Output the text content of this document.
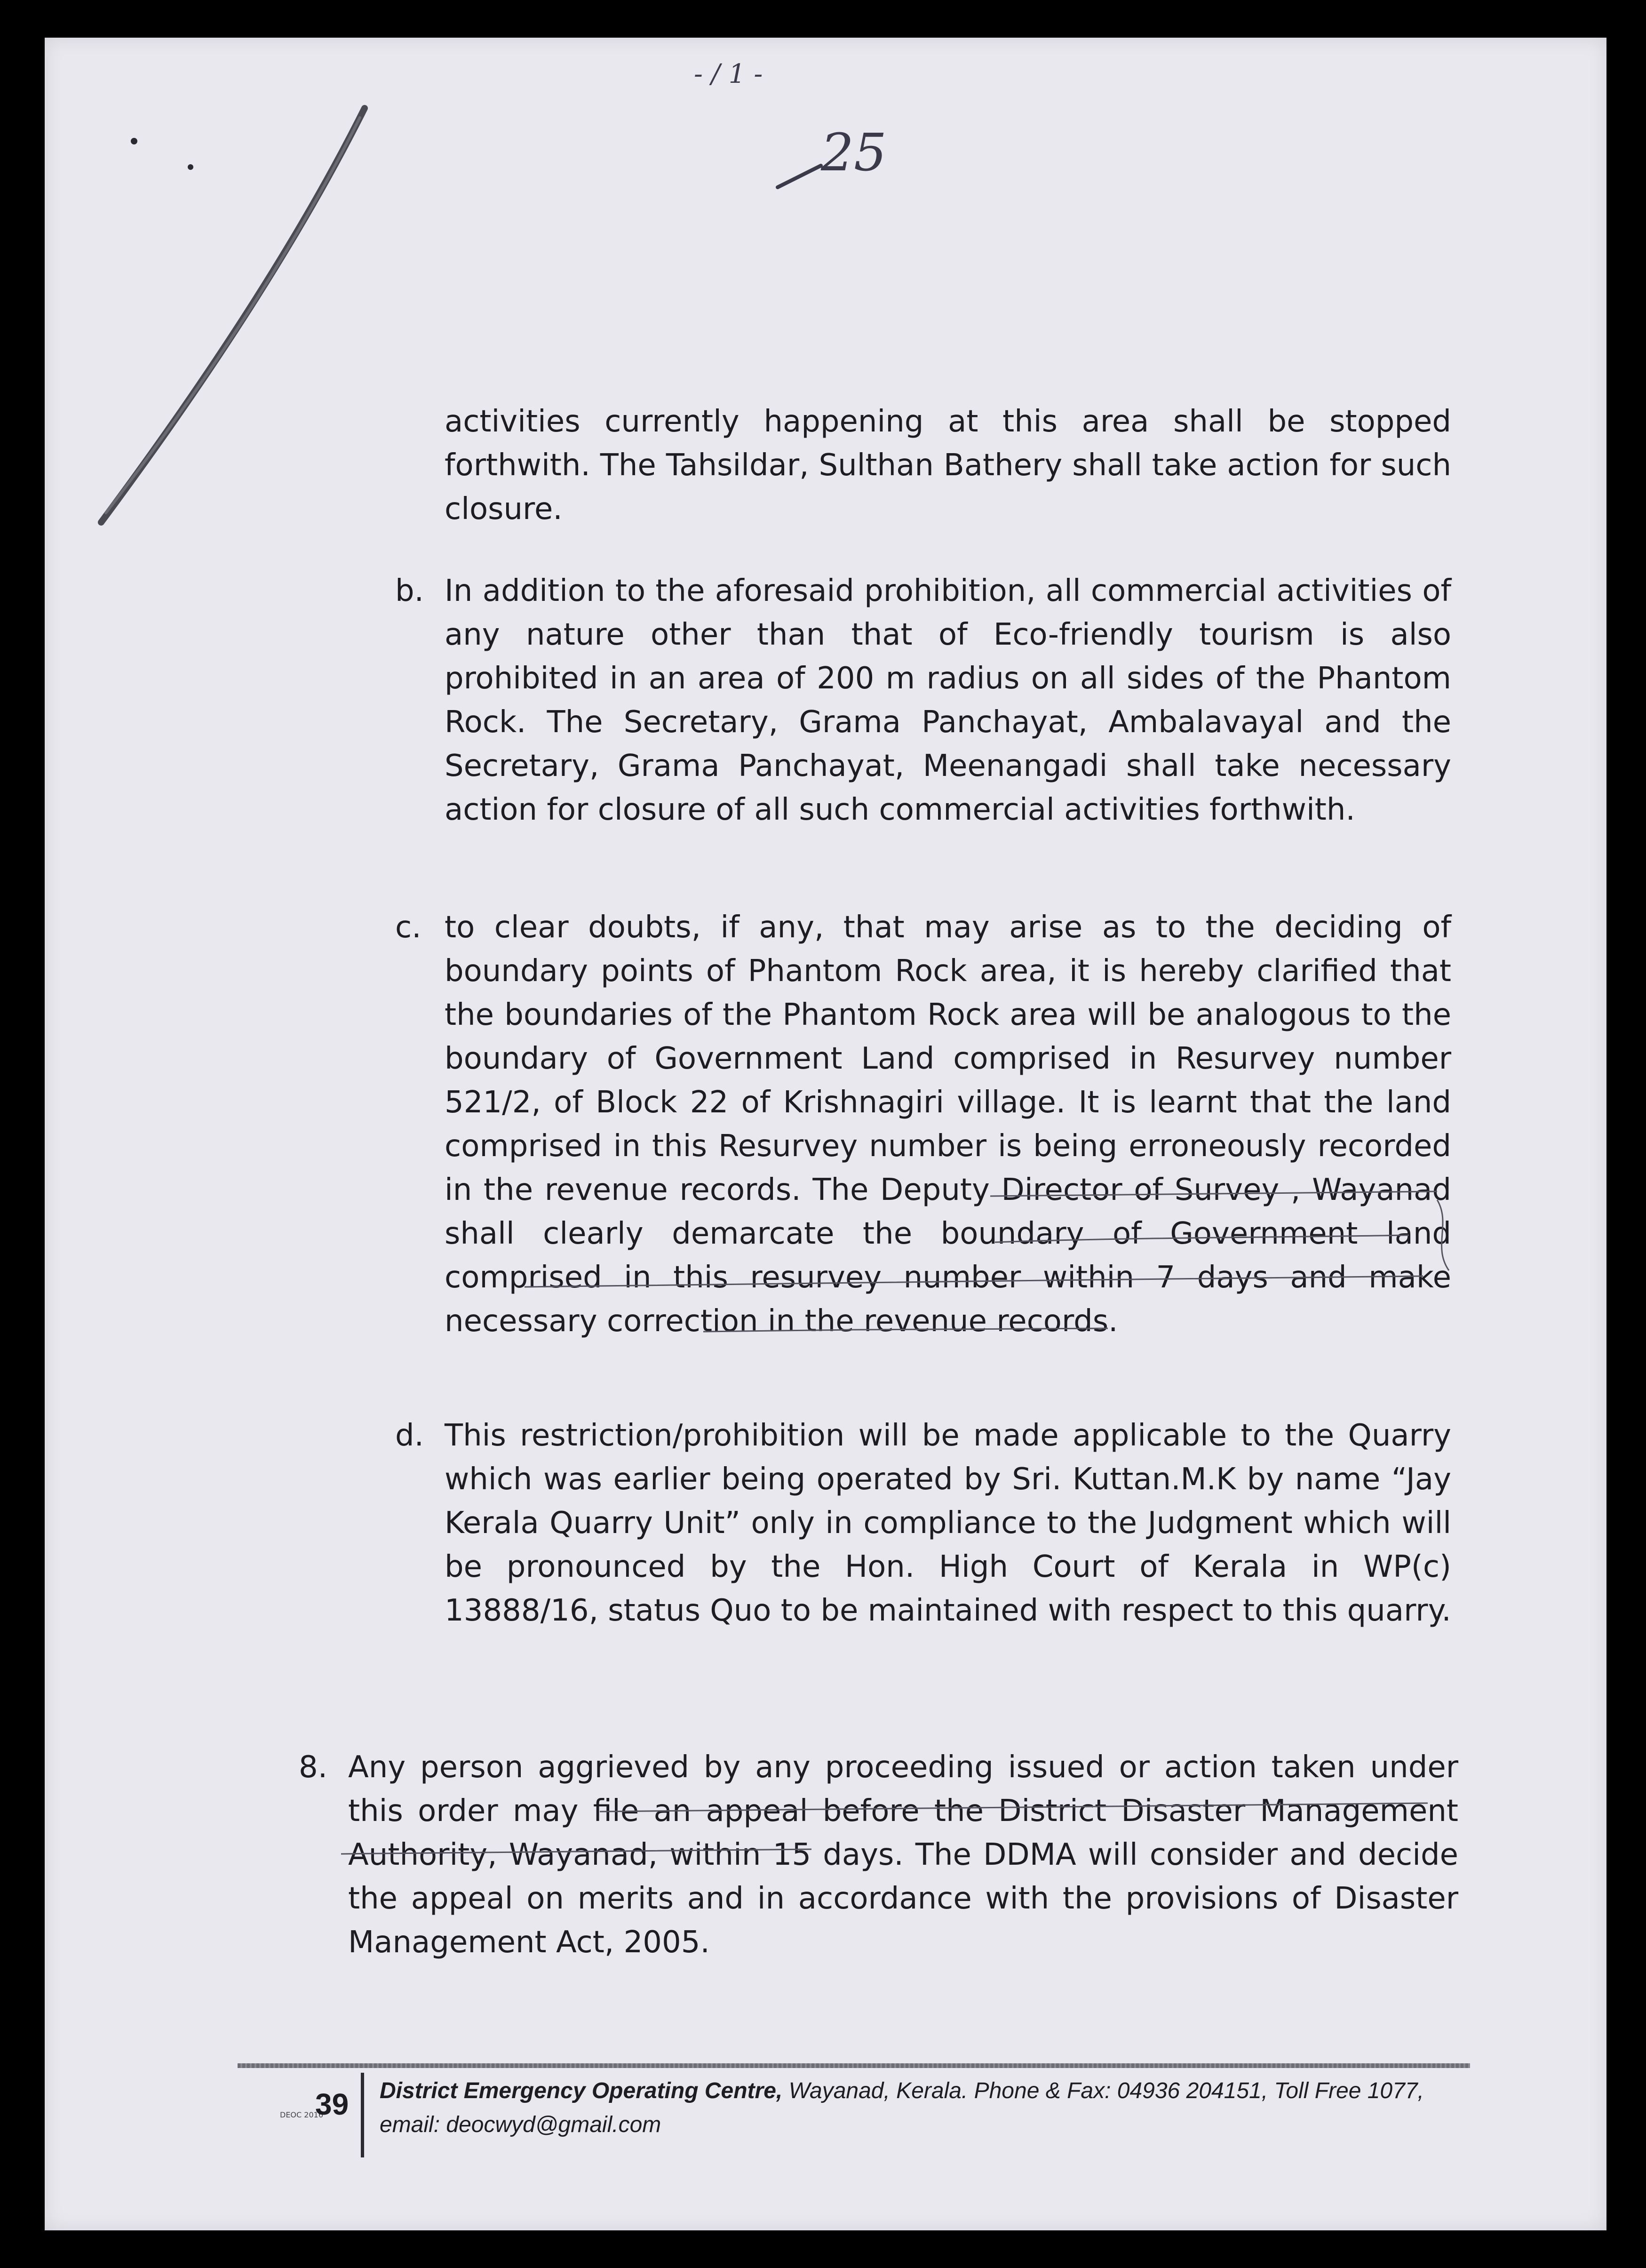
-/1-
25
activities currently happening at this area shall be stopped forthwith. The Tahsildar, Sulthan Bathery shall take action for such closure.
b. In addition to the aforesaid prohibition, all commercial activities of any nature other than that of Eco-friendly tourism is also prohibited in an area of 200 m radius on all sides of the Phantom Rock. The Secretary, Grama Panchayat, Ambalavayal and the Secretary, Grama Panchayat, Meenangadi shall take necessary action for closure of all such commercial activities forthwith.
c. to clear doubts, if any, that may arise as to the deciding of boundary points of Phantom Rock area, it is hereby clarified that the boundaries of the Phantom Rock area will be analogous to the boundary of Government Land comprised in Resurvey number 521/2, of Block 22 of Krishnagiri village. It is learnt that the land comprised in this Resurvey number is being erroneously recorded in the revenue records. The Deputy Director of Survey , Wayanad shall clearly demarcate the boundary of Government land comprised in this resurvey number within 7 days and make necessary correction in the revenue records.
d. This restriction/prohibition will be made applicable to the Quarry which was earlier being operated by Sri. Kuttan.M.K by name “Jay Kerala Quarry Unit” only in compliance to the Judgment which will be pronounced by the Hon. High Court of Kerala in WP(c) 13888/16, status Quo to be maintained with respect to this quarry.
8. Any person aggrieved by any proceeding issued or action taken under this order may file an appeal before the District Disaster Management Authority, Wayanad, within 15 days. The DDMA will consider and decide the appeal on merits and in accordance with the provisions of Disaster Management Act, 2005.
DEOC 2016
39 District Emergency Operating Centre, Wayanad, Kerala. Phone & Fax: 04936 204151, Toll Free 1077, email: deocwyd@gmail.com
